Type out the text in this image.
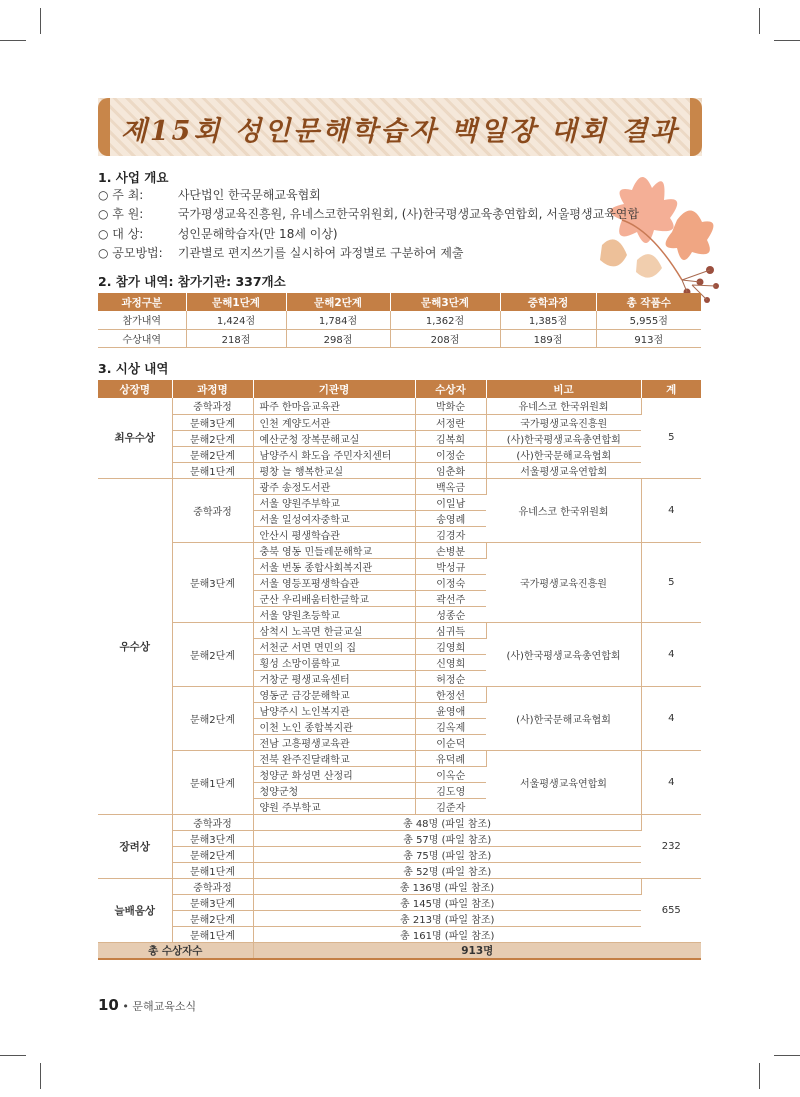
제15회 성인문해학습자 백일장 대회 결과
1. 사업 개요
○ 주 최:	사단법인 한국문해교육협회
○ 후 원:	국가평생교육진흥원, 유네스코한국위원회, (사)한국평생교육총연합회, 서울평생교육연합
○ 대 상:	성인문해학습자(만 18세 이상)
○ 공모방법: 기관별로 편지쓰기를 실시하여 과정별로 구분하여 제출
2. 참가 내역: 참가기관: 337개소
과정구분	문해1단계	문해2단계	문해3단계	중학과정	총 작품수
참가내역	1,424점	1,784점	1,362점	1,385점	5,955점
수상내역	218점	298점	208점	189점	913점
3. 시상 내역
상장명	과정명	기관명	수상자	비고	계
최우수상	중학과정	파주 한마음교육관	박화순	유네스코 한국위원회	5
	문해3단계	인천 계양도서관	서정란	국가평생교육진흥원	
	문해2단계	예산군청 장복문해교실	김복희	(사)한국평생교육총연합회	
	문해2단계	남양주시 화도읍 주민자치센터	이정순	(사)한국문해교육협회	
	문해1단계	평창 늘 행복한교실	임춘화	서울평생교육연합회	
우수상	중학과정	광주 송정도서관	백옥금	유네스코 한국위원회	4
		서울 양원주부학교	이일남		
		서울 일성여자중학교	송영례		
		안산시 평생학습관	김경자		
	문해3단계	충북 영동 민들레문해학교	손병분	국가평생교육진흥원	5
		서울 번동 종합사회복지관	박성규		
		서울 영등포평생학습관	이정숙		
		군산 우리배움터한글학교	곽선주		
		서울 양원초등학교	성종순		
	문해2단계	삼척시 노곡면 한글교실	심귀득	(사)한국평생교육총연합회	4
		서천군 서면 면민의 집	김영희		
		횡성 소망이룸학교	신영희		
		거창군 평생교육센터	허정순		
	문해2단계	영동군 금강문해학교	한정선	(사)한국문해교육협회	4
		남양주시 노인복지관	윤영애		
		이천 노인 종합복지관	김옥제		
		전남 고흥평생교육관	이순덕		
	문해1단계	전북 완주진달래학교	유덕례	서울평생교육연합회	4
		청양군 화성면 산정리	이옥순		
		청양군청	김도영		
		양원 주부학교	김준자		
장려상	중학과정	총 48명 (파일 참조)			232
	문해3단계	총 57명 (파일 참조)			
	문해2단계	총 75명 (파일 참조)			
	문해1단계	총 52명 (파일 참조)			
늘배움상	중학과정	총 136명 (파일 참조)			655
	문해3단계	총 145명 (파일 참조)			
	문해2단계	총 213명 (파일 참조)			
	문해1단계	총 161명 (파일 참조)			
총 수상자수		913명			
10 • 문해교육소식
